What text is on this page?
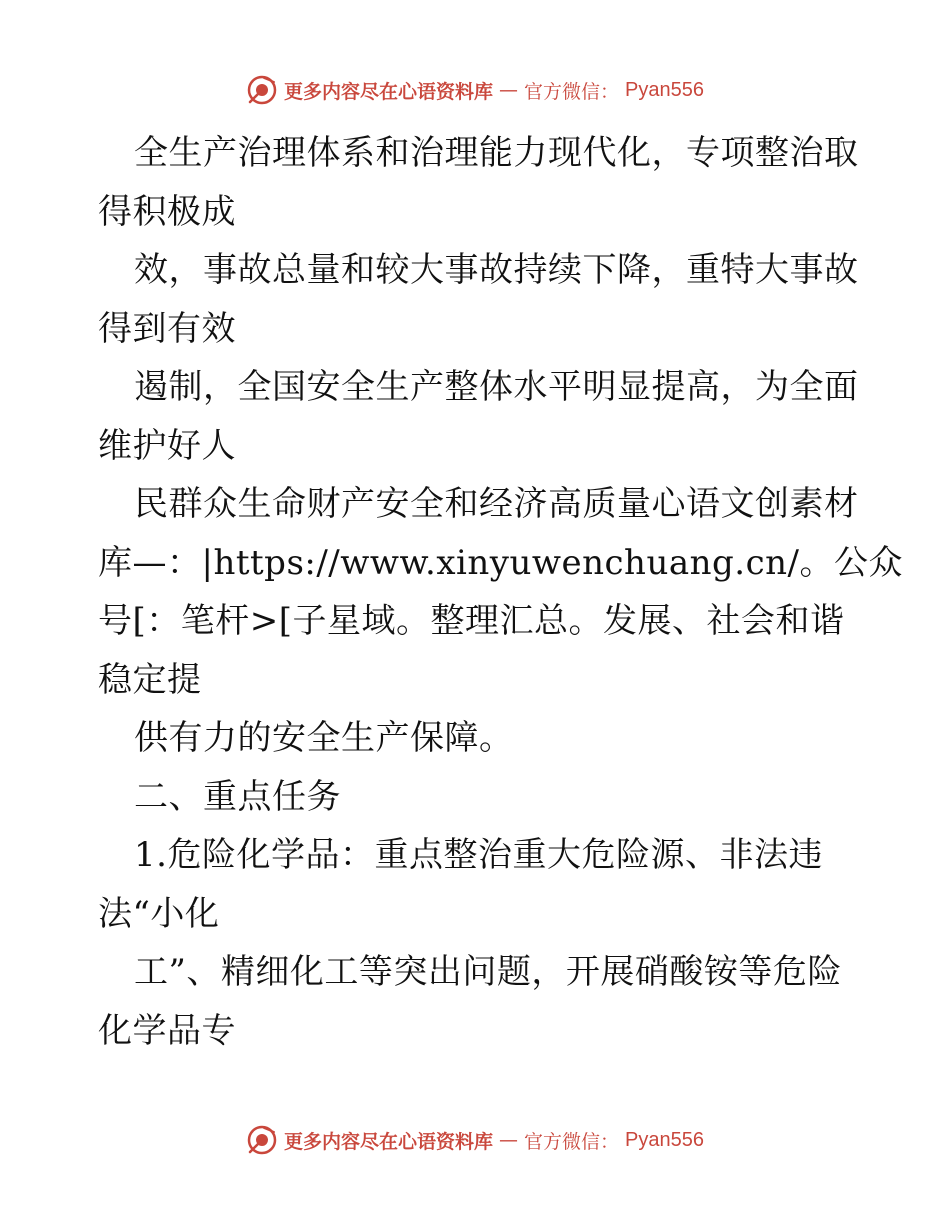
更多内容尽在心语资料库 — 官方微信： Pyan556
全生产治理体系和治理能力现代化，专项整治取
得积极成
效，事故总量和较大事故持续下降，重特大事故
得到有效
遏制，全国安全生产整体水平明显提高，为全面
维护好人
民群众生命财产安全和经济高质量心语文创素材
库—：|https://www.xinyuwenchuang.cn/。公众
号[：笔杆>[子星域。整理汇总。发展、社会和谐
稳定提
供有力的安全生产保障。
二、重点任务
1.危险化学品：重点整治重大危险源、非法违
法“小化
工”、精细化工等突出问题，开展硝酸铵等危险
化学品专
更多内容尽在心语资料库 — 官方微信： Pyan556
